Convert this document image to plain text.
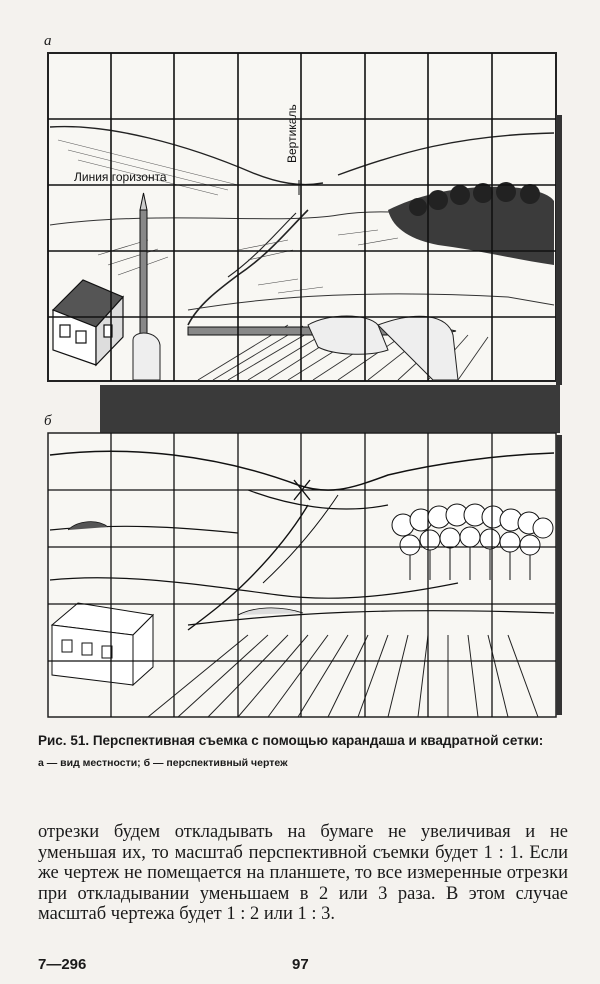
Линия горизонта
Вертикаль
а
б
Рис. 51. Перспективная съемка с помощью карандаша и квадратной сетки:
а — вид местности; б — перспективный чертеж

отрезки будем откладывать на бумаге не увеличивая и не уменьшая их, то масштаб перспективной съемки будет 1 : 1. Если же чертеж не помещается на планшете, то все измеренные отрезки при откладывании уменьшаем в 2 или 3 раза. В этом случае масштаб чертежа будет 1 : 2 или 1 : 3.

7—296	97
